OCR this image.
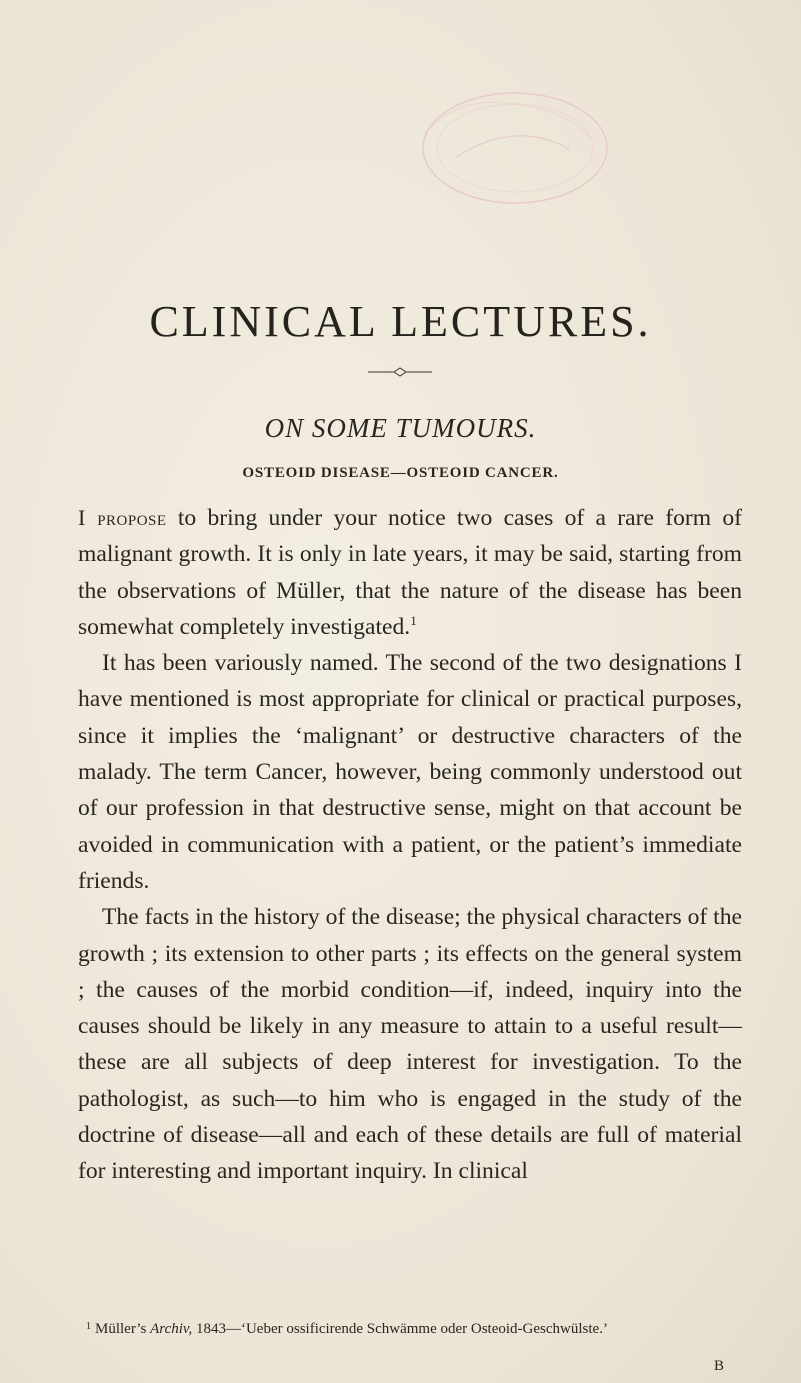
CLINICAL LECTURES.
ON SOME TUMOURS.
OSTEOID DISEASE—OSTEOID CANCER.

I propose to bring under your notice two cases of a rare form of malignant growth. It is only in late years, it may be said, starting from the observations of Müller, that the nature of the disease has been somewhat completely investigated.$^1$

It has been variously named. The second of the two designations I have mentioned is most appropriate for clinical or practical purposes, since it implies the ‘malignant’ or destructive characters of the malady. The term Cancer, however, being commonly understood out of our profession in that destructive sense, might on that account be avoided in communication with a patient, or the patient’s immediate friends.

The facts in the history of the disease; the physical characters of the growth ; its extension to other parts ; its effects on the general system ; the causes of the morbid condition—if, indeed, inquiry into the causes should be likely in any measure to attain to a useful result—these are all subjects of deep interest for investigation. To the pathologist, as such—to him who is engaged in the study of the doctrine of disease—all and each of these details are full of material for interesting and important inquiry. In clinical

$^1$ Müller’s Archiv, 1843—‘Ueber ossificirende Schwämme oder Osteoid-Geschwülste.’

B
